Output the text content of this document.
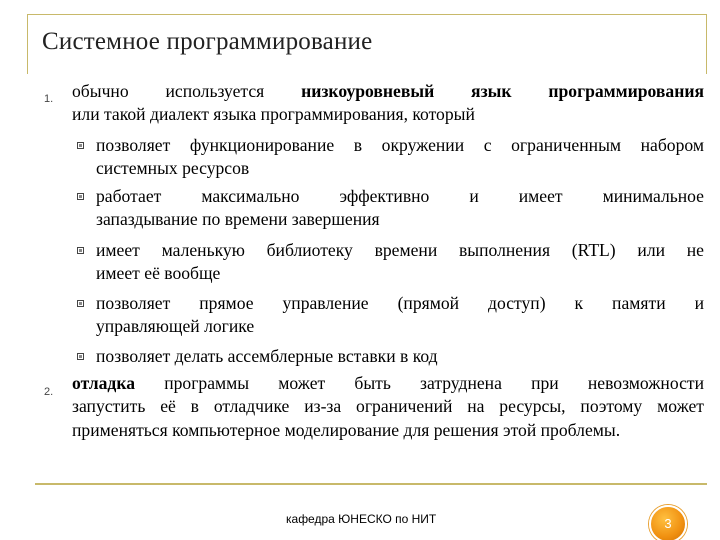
Системное программирование
1. обычно используется низкоуровневый язык программирования
или такой диалект языка программирования, который
позволяет функционирование в окружении с ограниченным набором
системных ресурсов
работает максимально эффективно и имеет минимальное
запаздывание по времени завершения
имеет маленькую библиотеку времени выполнения (RTL) или не
имеет её вообще
позволяет прямое управление (прямой доступ) к памяти и
управляющей логике
позволяет делать ассемблерные вставки в код
2. отладка программы может быть затруднена при невозможности
запустить её в отладчике из-за ограничений на ресурсы, поэтому может
применяться компьютерное моделирование для решения этой проблемы.
кафедра ЮНЕСКО по НИТ	3
